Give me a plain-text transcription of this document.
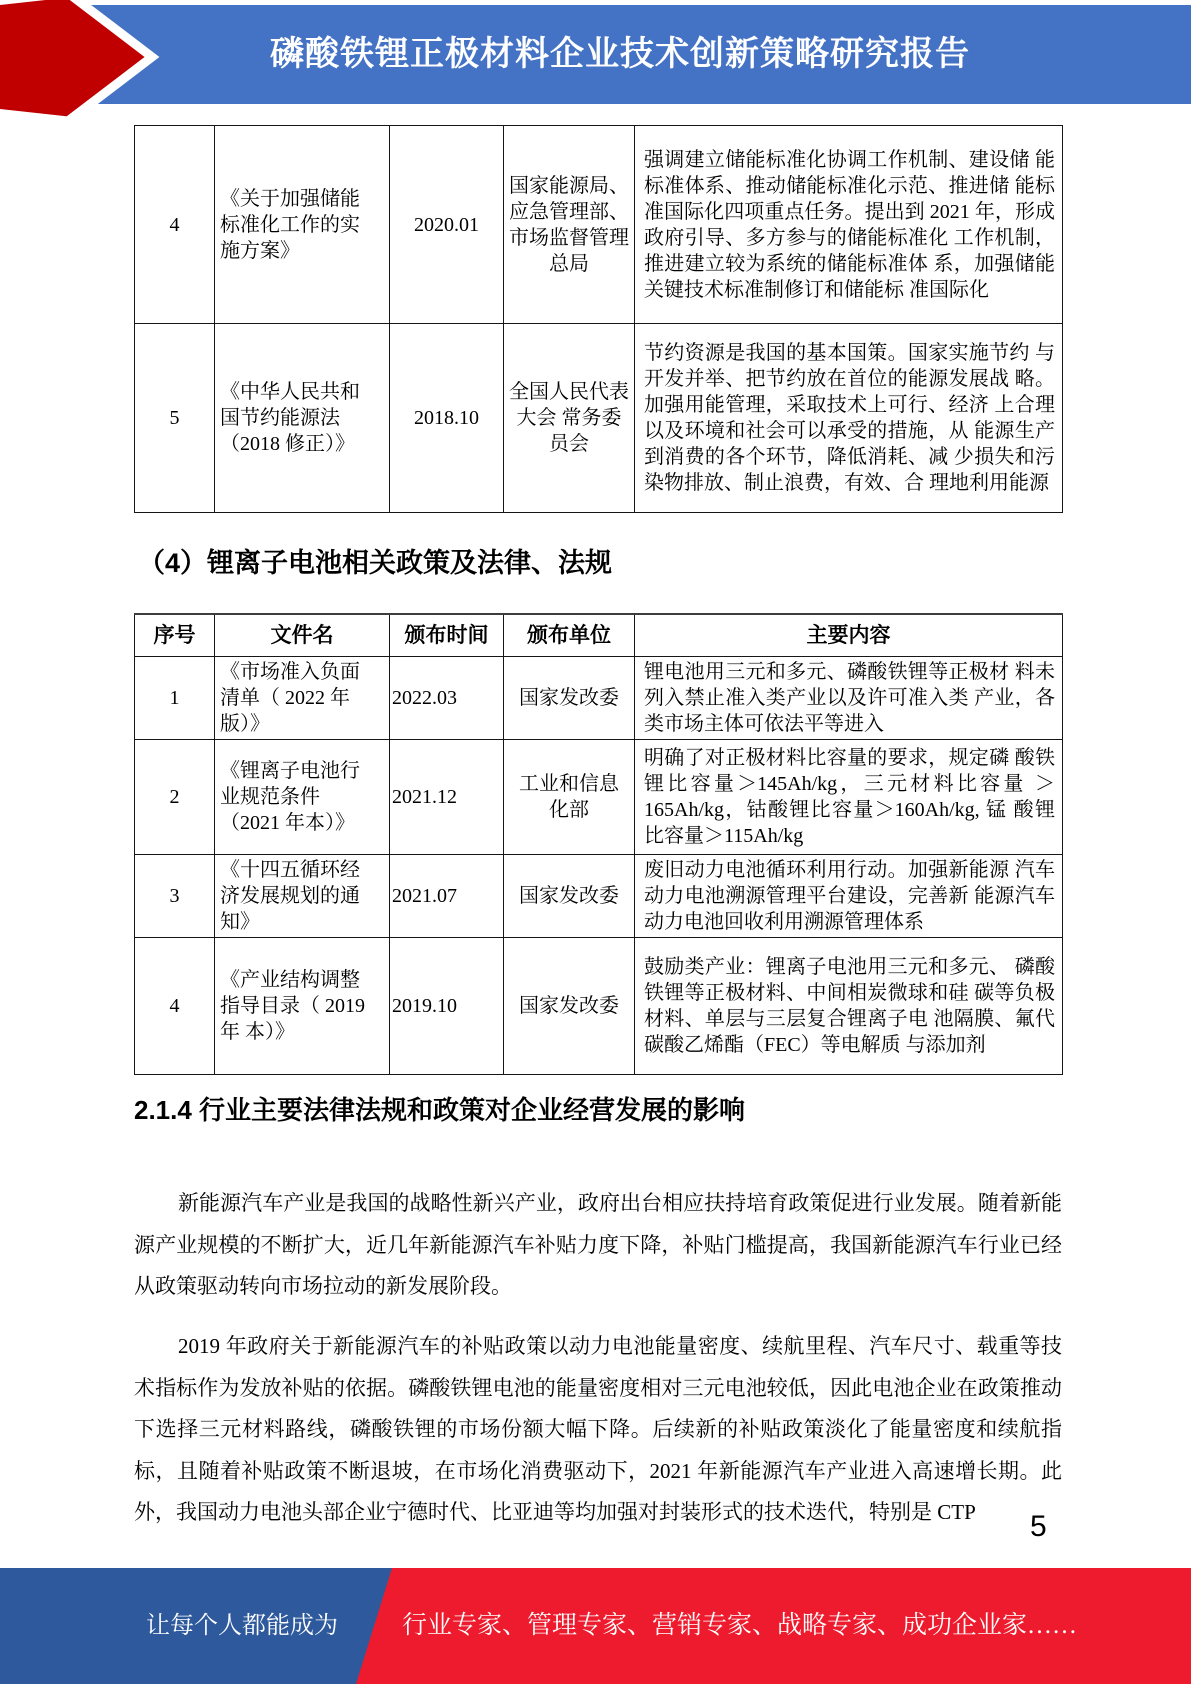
磷酸铁锂正极材料企业技术创新策略研究报告
4	《关于加强储能 标准化工作的实 施方案》	2020.01	国家能源局、应急管理部、市场监督管理 总局	强调建立储能标准化协调工作机制、建设储 能标准体系、推动储能标准化示范、推进储 能标准国际化四项重点任务。提出到 2021 年，形成政府引导、多方参与的储能标准化 工作机制，推进建立较为系统的储能标准体 系，加强储能关键技术标准制修订和储能标 准国际化
5	《中华人民共和 国节约能源法 （2018 修正）》	2018.10	全国人民代表大会 常务委员会	节约资源是我国的基本国策。国家实施节约 与开发并举、把节约放在首位的能源发展战 略。加强用能管理，采取技术上可行、经济 上合理以及环境和社会可以承受的措施，从 能源生产到消费的各个环节，降低消耗、减 少损失和污染物排放、制止浪费，有效、合 理地利用能源
（4）锂离子电池相关政策及法律、法规
序号	文件名	颁布时间	颁布单位	主要内容
1	《市场准入负面 清单（ 2022 年 版）》	2022.03	国家发改委	锂电池用三元和多元、磷酸铁锂等正极材 料未列入禁止准入类产业以及许可准入类 产业，各类市场主体可依法平等进入
2	《锂离子电池行 业规范条件 （2021 年本）》	2021.12	工业和信息 化部	明确了对正极材料比容量的要求，规定磷 酸铁锂比容量＞145Ah/kg，三元材料比容量 ＞165Ah/kg，钴酸锂比容量＞160Ah/kg, 锰 酸锂比容量＞115Ah/kg
3	《十四五循环经 济发展规划的通 知》	2021.07	国家发改委	废旧动力电池循环利用行动。加强新能源 汽车动力电池溯源管理平台建设，完善新 能源汽车动力电池回收利用溯源管理体系
4	《产业结构调整 指导目录（ 2019 年 本）》	2019.10	国家发改委	鼓励类产业：锂离子电池用三元和多元、 磷酸铁锂等正极材料、中间相炭微球和硅 碳等负极材料、单层与三层复合锂离子电 池隔膜、氟代碳酸乙烯酯（FEC）等电解质 与添加剂
2.1.4 行业主要法律法规和政策对企业经营发展的影响
新能源汽车产业是我国的战略性新兴产业，政府出台相应扶持培育政策促进行业发展。随着新能源产业规模的不断扩大，近几年新能源汽车补贴力度下降，补贴门槛提高，我国新能源汽车行业已经从政策驱动转向市场拉动的新发展阶段。
2019 年政府关于新能源汽车的补贴政策以动力电池能量密度、续航里程、汽车尺寸、载重等技术指标作为发放补贴的依据。磷酸铁锂电池的能量密度相对三元电池较低，因此电池企业在政策推动下选择三元材料路线，磷酸铁锂的市场份额大幅下降。后续新的补贴政策淡化了能量密度和续航指标，且随着补贴政策不断退坡，在市场化消费驱动下，2021 年新能源汽车产业进入高速增长期。此外，我国动力电池头部企业宁德时代、比亚迪等均加强对封装形式的技术迭代，特别是 CTP	5
让每个人都能成为	行业专家、管理专家、营销专家、战略专家、成功企业家……
